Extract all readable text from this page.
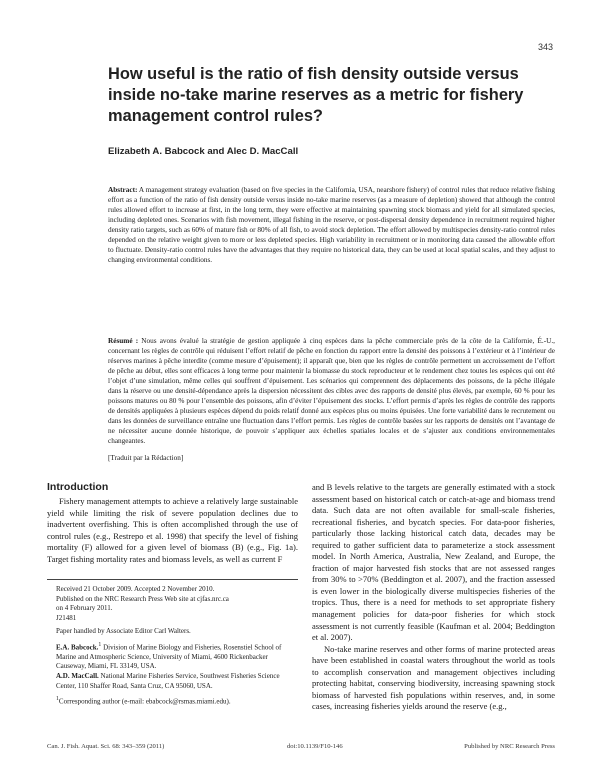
343
How useful is the ratio of fish density outside versus inside no-take marine reserves as a metric for fishery management control rules?
Elizabeth A. Babcock and Alec D. MacCall
Abstract: A management strategy evaluation (based on five species in the California, USA, nearshore fishery) of control rules that reduce relative fishing effort as a function of the ratio of fish density outside versus inside no-take marine reserves (as a measure of depletion) showed that although the control rules allowed effort to increase at first, in the long term, they were effective at maintaining spawning stock biomass and yield for all simulated species, including depleted ones. Scenarios with fish movement, illegal fishing in the reserve, or post-dispersal density dependence in recruitment required higher density ratio targets, such as 60% of mature fish or 80% of all fish, to avoid stock depletion. The effort allowed by multispecies density-ratio control rules depended on the relative weight given to more or less depleted species. High variability in recruitment or in monitoring data caused the allowable effort to fluctuate. Density-ratio control rules have the advantages that they require no historical data, they can be used at local spatial scales, and they adjust to changing environmental conditions.
Résumé : Nous avons évalué la stratégie de gestion appliquée à cinq espèces dans la pêche commerciale près de la côte de la Californie, É.-U., concernant les règles de contrôle qui réduisent l’effort relatif de pêche en fonction du rapport entre la densité des poissons à l’extérieur et à l’intérieur de réserves marines à pêche interdite (comme mesure d’épuisement); il apparaît que, bien que les règles de contrôle permettent un accroissement de l’effort de pêche au début, elles sont efficaces à long terme pour maintenir la biomasse du stock reproducteur et le rendement chez toutes les espèces qui ont été l’objet d’une simulation, même celles qui souffrent d’épuisement. Les scénarios qui comprennent des déplacements des poissons, de la pêche illégale dans la réserve ou une densité-dépendance après la dispersion nécessitent des cibles avec des rapports de densité plus élevés, par exemple, 60 % pour les poissons matures ou 80 % pour l’ensemble des poissons, afin d’éviter l’épuisement des stocks. L’effort permis d’après les règles de contrôle des rapports de densités appliquées à plusieurs espèces dépend du poids relatif donné aux espèces plus ou moins épuisées. Une forte variabilité dans le recrutement ou dans les données de surveillance entraîne une fluctuation dans l’effort permis. Les règles de contrôle basées sur les rapports de densités ont l’avantage de ne nécessiter aucune donnée historique, de pouvoir s’appliquer aux échelles spatiales locales et de s’ajuster aux conditions environnementales changeantes.
[Traduit par la Rédaction]
Introduction

Fishery management attempts to achieve a relatively large sustainable yield while limiting the risk of severe population declines due to inadvertent overfishing. This is often accomplished through the use of control rules (e.g., Restrepo et al. 1998) that specify the level of fishing mortality (F) allowed for a given level of biomass (B) (e.g., Fig. 1a). Target fishing mortality rates and biomass levels, as well as current F

Received 21 October 2009. Accepted 2 November 2010.
Published on the NRC Research Press Web site at cjfas.nrc.ca
on 4 February 2011.
J21481
Paper handled by Associate Editor Carl Walters.
E.A. Babcock.$^1$ Division of Marine Biology and Fisheries, Rosenstiel School of Marine and Atmospheric Science, University of Miami, 4600 Rickenbacker Causeway, Miami, FL 33149, USA.
A.D. MacCall. National Marine Fisheries Service, Southwest Fisheries Science Center, 110 Shaffer Road, Santa Cruz, CA 95060, USA.
$^1$Corresponding author (e-mail: ebabcock@rsmas.miami.edu).

and B levels relative to the targets are generally estimated with a stock assessment based on historical catch or catch-at-age and biomass trend data. Such data are not often available for small-scale fisheries, recreational fisheries, and bycatch species. For data-poor fisheries, particularly those lacking historical catch data, decades may be required to gather sufficient data to parameterize a stock assessment model. In North America, Australia, New Zealand, and Europe, the fraction of major harvested fish stocks that are not assessed ranges from 30% to >70% (Beddington et al. 2007), and the fraction assessed is even lower in the biologically diverse multispecies fisheries of the tropics. Thus, there is a need for methods to set appropriate fishery management policies for data-poor fisheries for which stock assessment is not currently feasible (Kaufman et al. 2004; Beddington et al. 2007).

No-take marine reserves and other forms of marine protected areas have been established in coastal waters throughout the world as tools to accomplish conservation and management objectives including protecting habitat, conserving biodiversity, increasing spawning stock biomass of harvested fish populations within reserves, and, in some cases, increasing fisheries yields around the reserve (e.g.,

Can. J. Fish. Aquat. Sci. 68: 343–359 (2011)	doi:10.1139/F10-146	Published by NRC Research Press
